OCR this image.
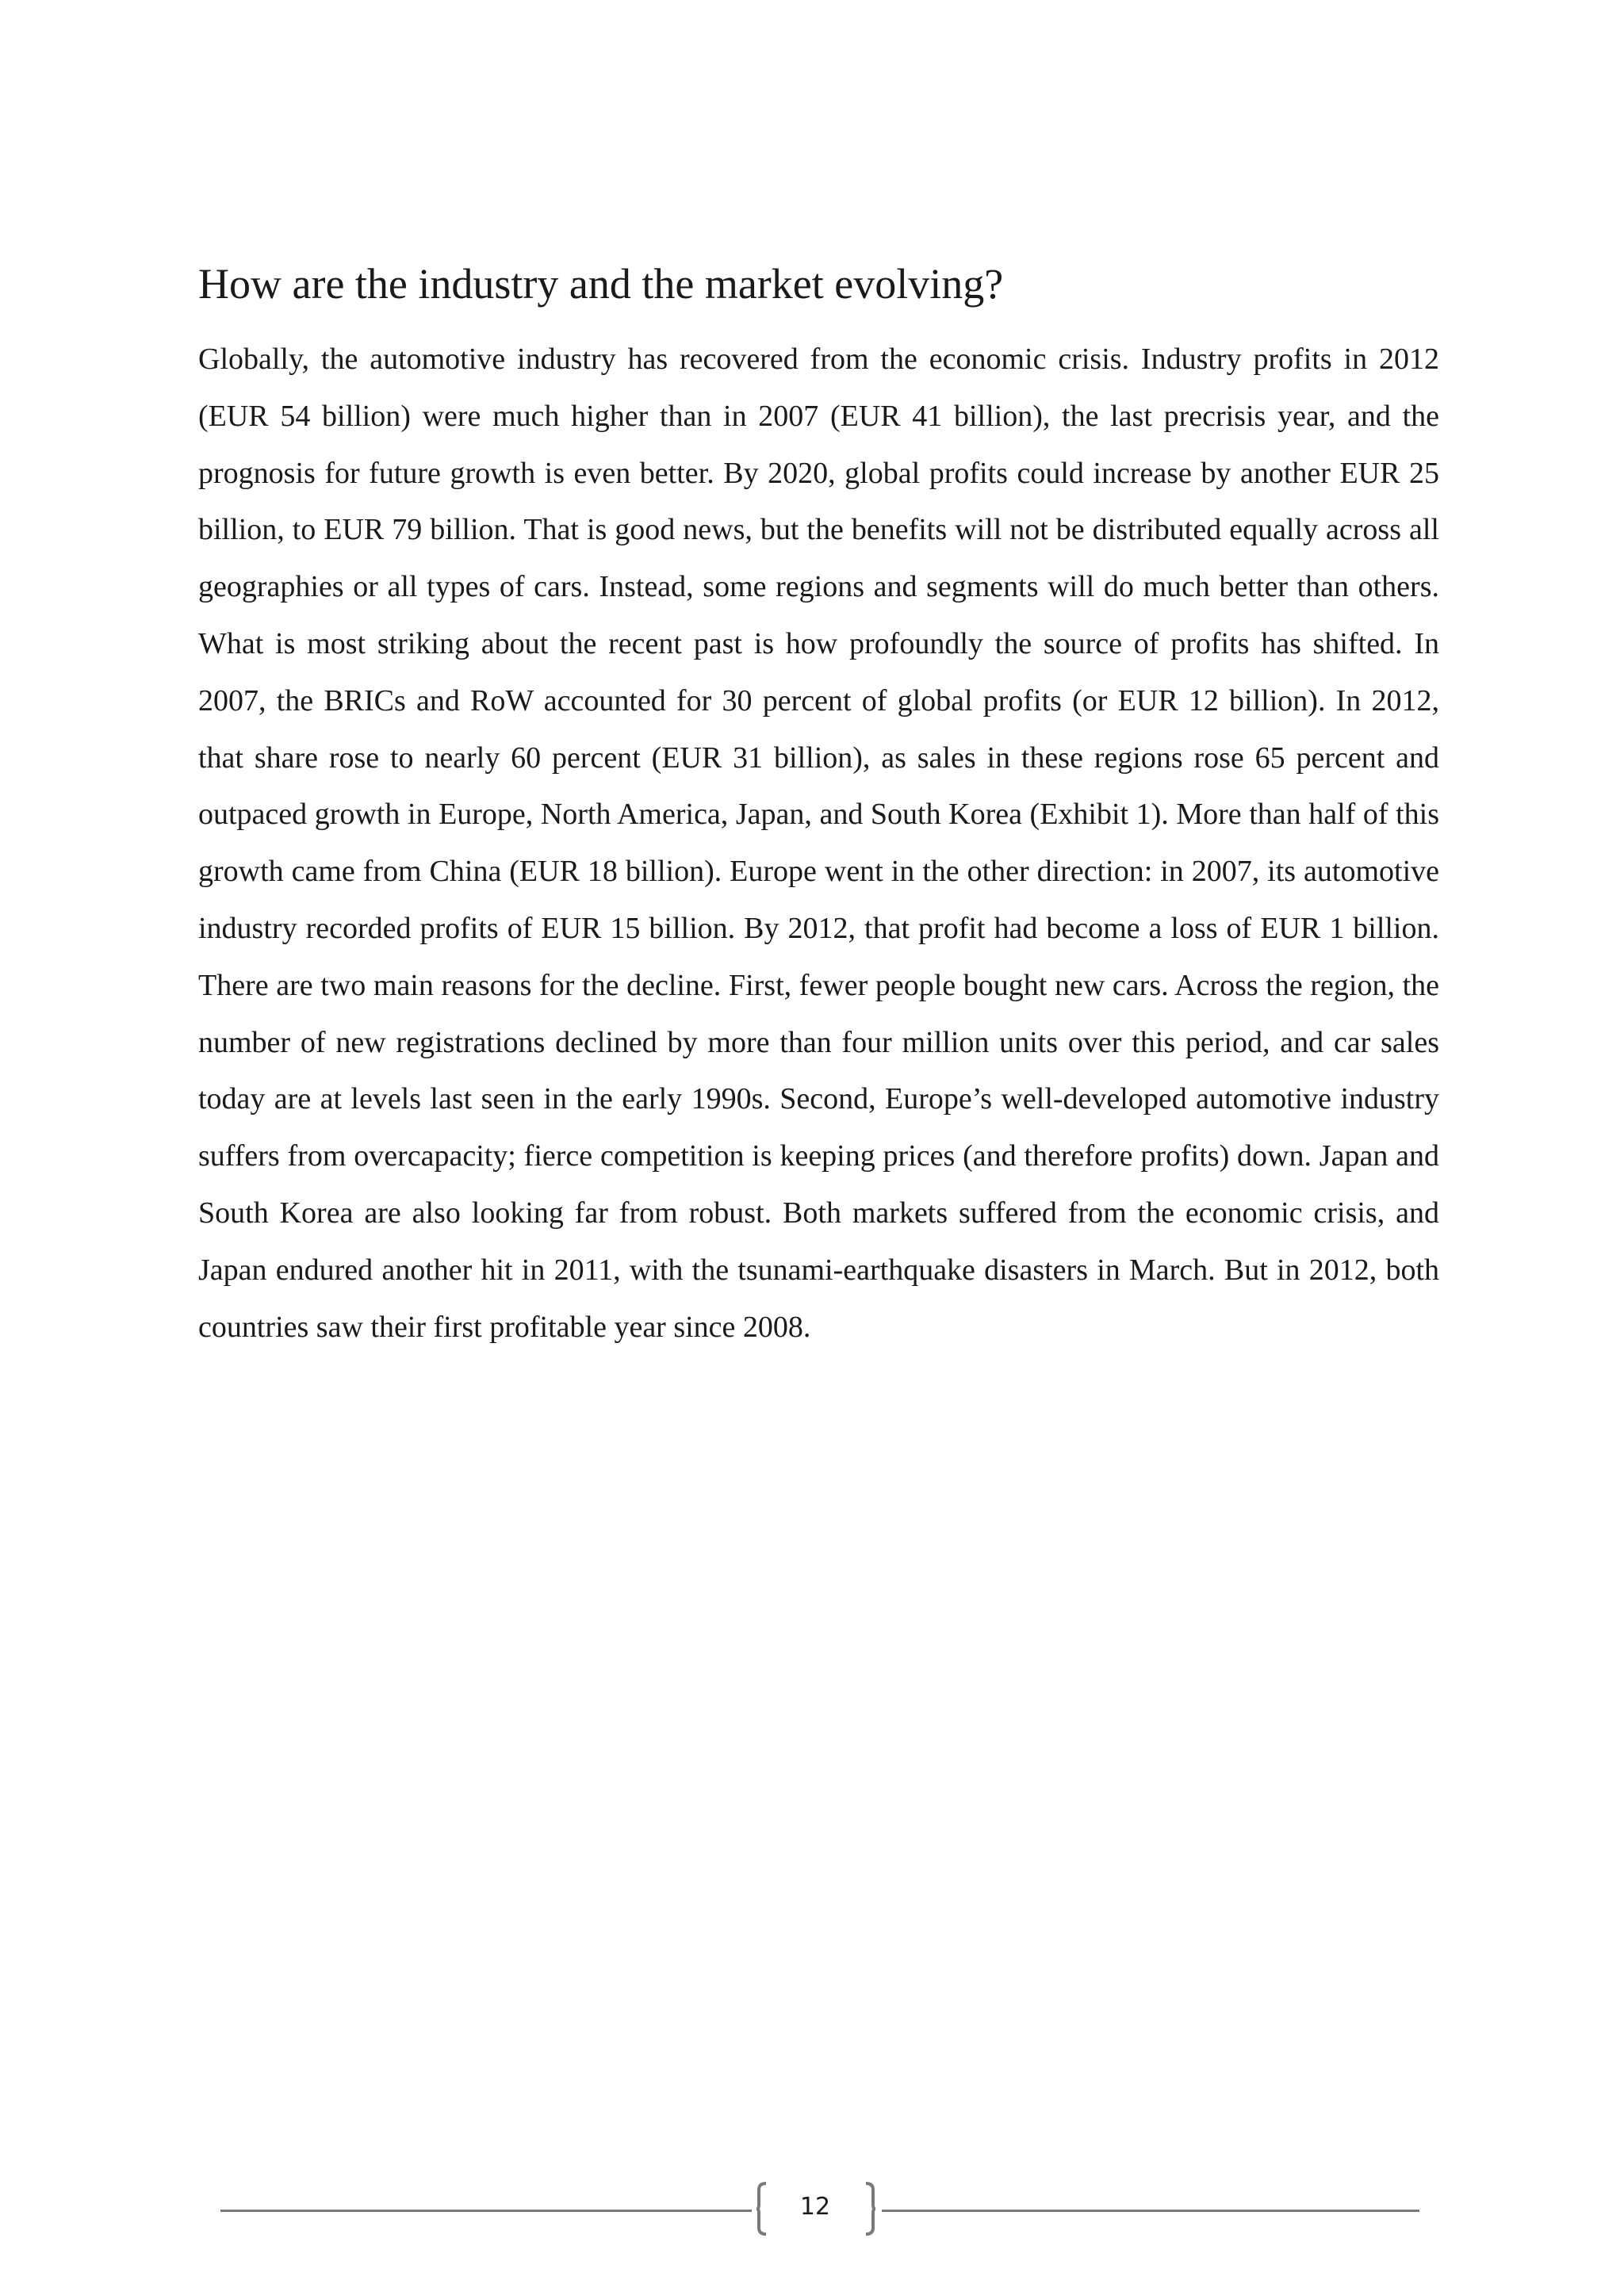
How are the industry and the market evolving?

Globally, the automotive industry has recovered from the economic crisis. Industry profits in 2012 (EUR 54 billion) were much higher than in 2007 (EUR 41 billion), the last precrisis year, and the prognosis for future growth is even better. By 2020, global profits could increase by another EUR 25 billion, to EUR 79 billion. That is good news, but the benefits will not be distributed equally across all geographies or all types of cars. Instead, some regions and segments will do much better than others. What is most striking about the recent past is how profoundly the source of profits has shifted. In 2007, the BRICs and RoW accounted for 30 percent of global profits (or EUR 12 billion). In 2012, that share rose to nearly 60 percent (EUR 31 billion), as sales in these regions rose 65 percent and outpaced growth in Europe, North America, Japan, and South Korea (Exhibit 1). More than half of this growth came from China (EUR 18 billion). Europe went in the other direction: in 2007, its automotive industry recorded profits of EUR 15 billion. By 2012, that profit had become a loss of EUR 1 billion. There are two main reasons for the decline. First, fewer people bought new cars. Across the region, the number of new registrations declined by more than four million units over this period, and car sales today are at levels last seen in the early 1990s. Second, Europe’s well-developed automotive industry suffers from overcapacity; fierce competition is keeping prices (and therefore profits) down. Japan and South Korea are also looking far from robust. Both markets suffered from the economic crisis, and Japan endured another hit in 2011, with the tsunami-earthquake disasters in March. But in 2012, both countries saw their first profitable year since 2008.

12
